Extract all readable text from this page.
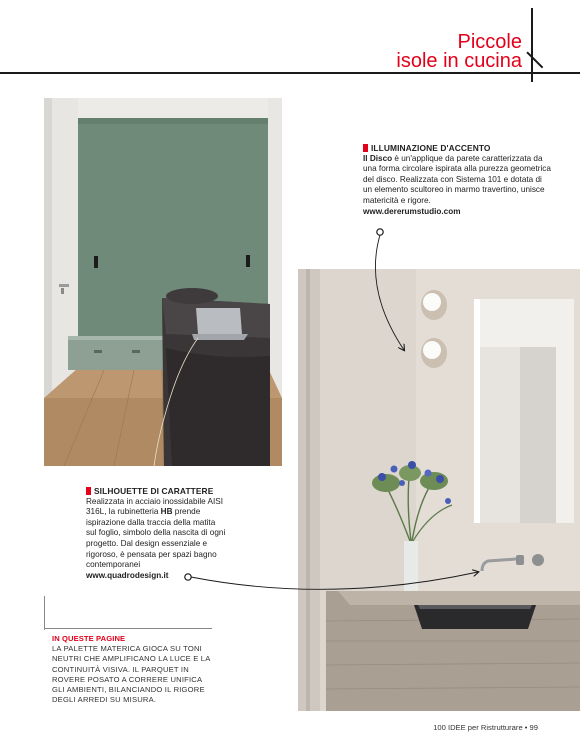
Piccole
isole in cucina
ILLUMINAZIONE D'ACCENTO
Il Disco è un'applique da parete caratterizzata da una forma circolare ispirata alla purezza geometrica del disco. Realizzata con Sistema 101 e dotata di un elemento scultoreo in marmo travertino, unisce matericità e rigore.
www.dererumstudio.com
SILHOUETTE DI CARATTERE
Realizzata in acciaio inossidabile AISI 316L, la rubinetteria HB prende ispirazione dalla traccia della matita sul foglio, simbolo della nascita di ogni progetto. Dal design essenziale e rigoroso, è pensata per spazi bagno contemporanei
www.quadrodesign.it
IN QUESTE PAGINE
LA PALETTE MATERICA GIOCA SU TONI NEUTRI CHE AMPLIFICANO LA LUCE E LA CONTINUITÀ VISIVA. IL PARQUET IN ROVERE POSATO A CORRERE UNIFICA GLI AMBIENTI, BILANCIANDO IL RIGORE DEGLI ARREDI SU MISURA.
100 IDEE per Ristrutturare • 99
